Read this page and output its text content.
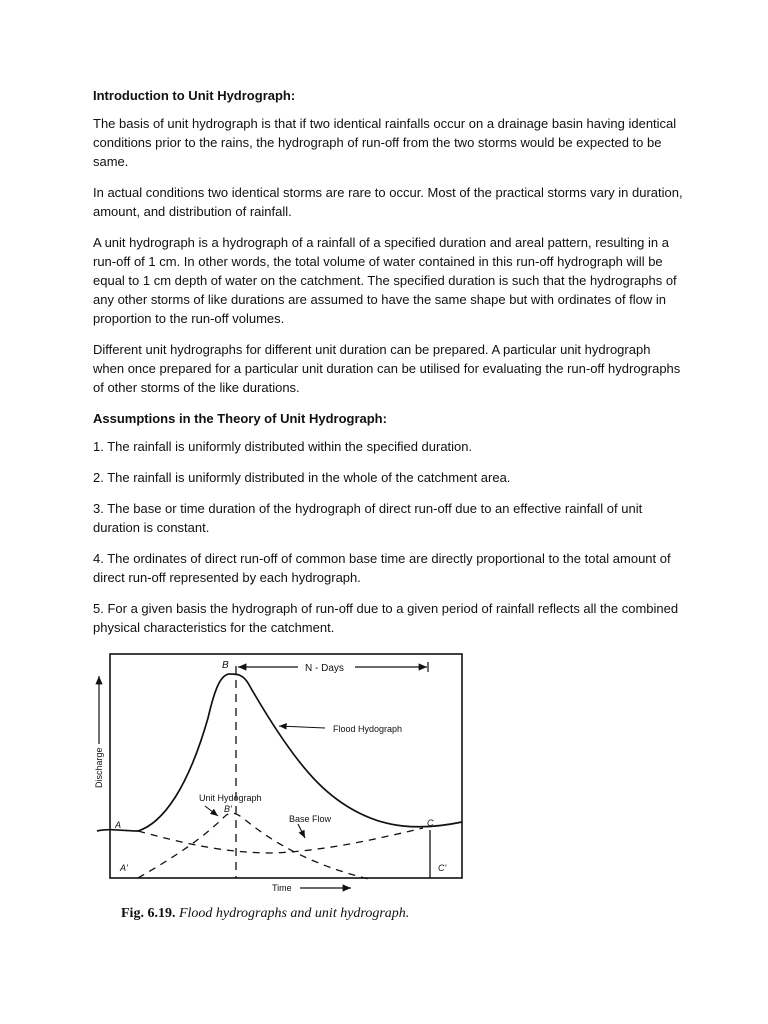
Introduction to Unit Hydrograph:

The basis of unit hydrograph is that if two identical rainfalls occur on a drainage basin having identical conditions prior to the rains, the hydrograph of run-off from the two storms would be expected to be same.

In actual conditions two identical storms are rare to occur. Most of the practical storms vary in duration, amount, and distribution of rainfall.

A unit hydrograph is a hydrograph of a rainfall of a specified duration and areal pattern, resulting in a run-off of 1 cm. In other words, the total volume of water contained in this run-off hydrograph will be equal to 1 cm depth of water on the catchment. The specified duration is such that the hydrographs of any other storms of like durations are assumed to have the same shape but with ordinates of flow in proportion to the run-off volumes.

Different unit hydrographs for different unit duration can be prepared. A particular unit hydrograph when once prepared for a particular unit duration can be utilised for evaluating the run-off hydrographs of other storms of the like durations.

Assumptions in the Theory of Unit Hydrograph:

1. The rainfall is uniformly distributed within the specified duration.

2. The rainfall is uniformly distributed in the whole of the catchment area.

3. The base or time duration of the hydrograph of direct run-off due to an effective rainfall of unit duration is constant.

4. The ordinates of direct run-off of common base time are directly proportional to the total amount of direct run-off represented by each hydrograph.

5. For a given basis the hydrograph of run-off due to a given period of rainfall reflects all the combined physical characteristics for the catchment.

B	N - Days
Flood Hydograph
Unit Hydograph
B'
Base Flow
A
A'
C
C'
Discharge
Time
Fig. 6.19. Flood hydrographs and unit hydrograph.
